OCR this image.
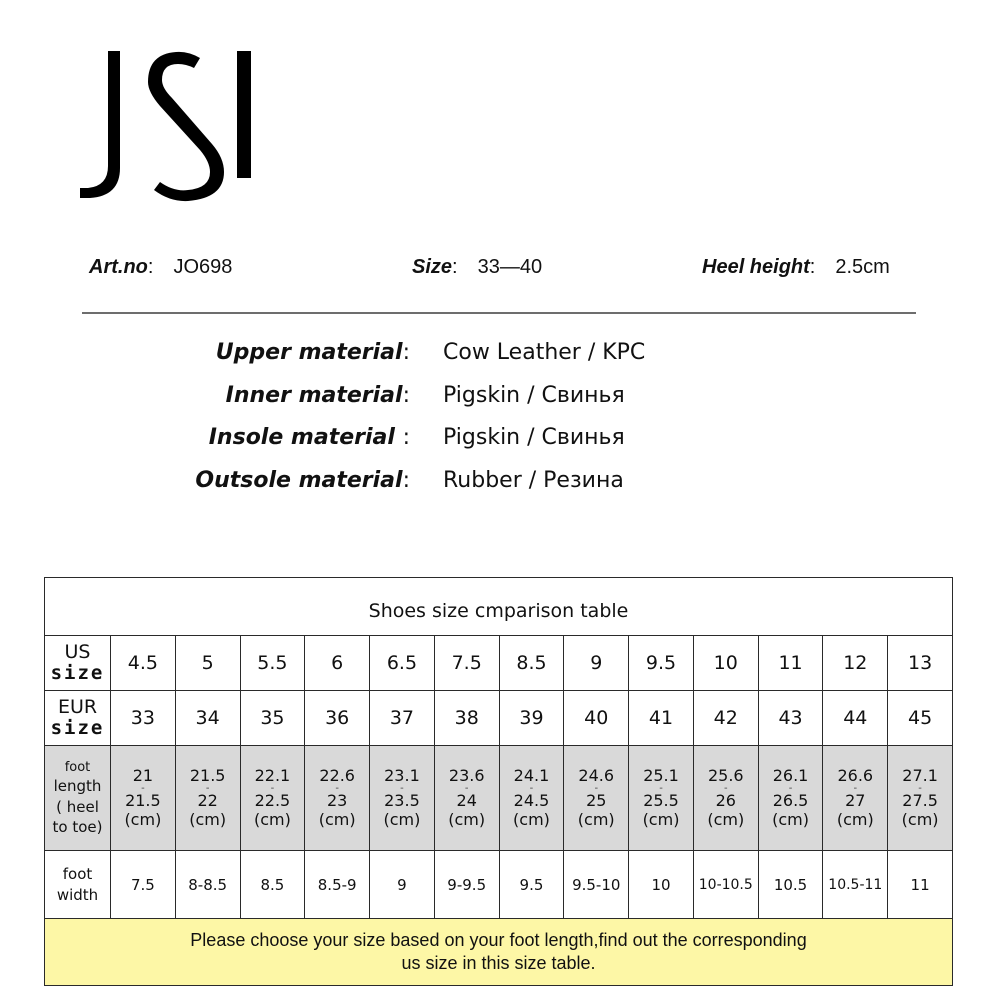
Art.no: JO698	Size: 33—40	Heel height: 2.5cm
Upper material: Cow Leather / KPC
Inner material: Pigskin / Свинья
Insole material : Pigskin / Свинья
Outsole material: Rubber / Резина
Shoes size cmparison table													

US
size	4.5	5	5.5	6	6.5	7.5	8.5	9	9.5	10	11	12	13

EUR
size	33	34	35	36	37	38	39	40	41	42	43	44	45

foot
length
( heel
to toe)	21
-
21.5
(cm)	21.5
-
22
(cm)	22.1
-
22.5
(cm)	22.6
-
23
(cm)	23.1
-
23.5
(cm)	23.6
-
24
(cm)	24.1
-
24.5
(cm)	24.6
-
25
(cm)	25.1
-
25.5
(cm)	25.6
-
26
(cm)	26.1
-
26.5
(cm)	26.6
-
27
(cm)	27.1
-
27.5
(cm)

foot
width	7.5	8-8.5	8.5	8.5-9	9	9-9.5	9.5	9.5-10	10	10-10.5	10.5	10.5-11	11

Please choose your size based on your foot length,find out the corresponding
us size in this size table.													
